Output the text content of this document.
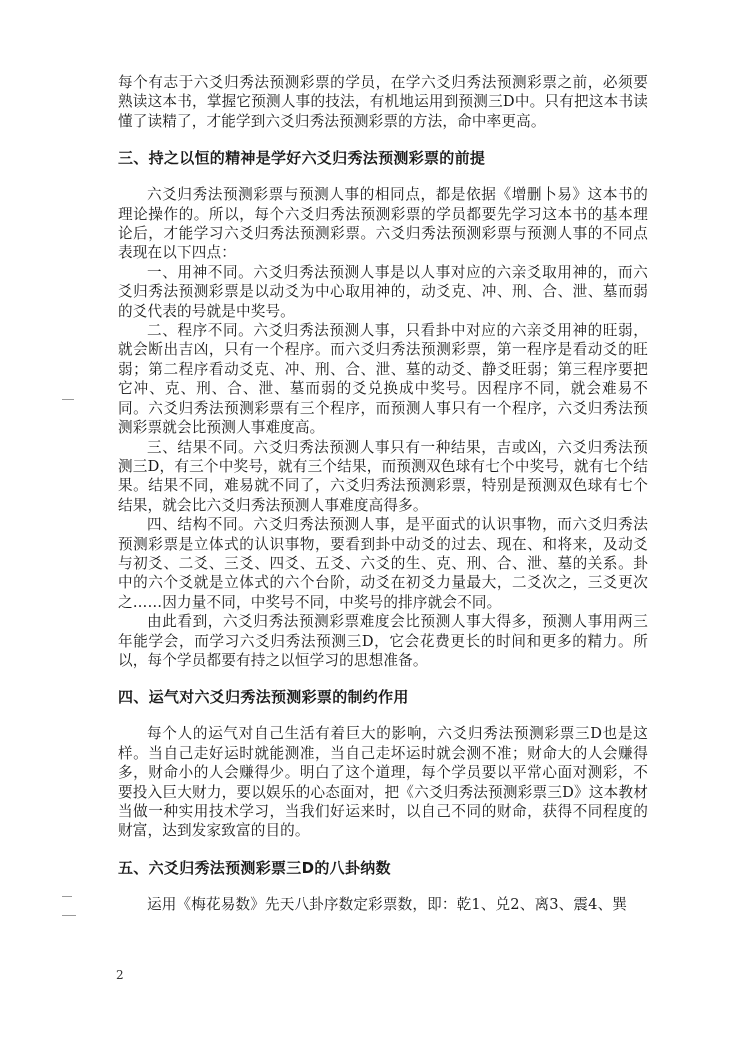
每个有志于六爻归秀法预测彩票的学员，在学六爻归秀法预测彩票之前，必须要熟读这本书，掌握它预测人事的技法，有机地运用到预测三D中。只有把这本书读懂了读精了，才能学到六爻归秀法预测彩票的方法，命中率更高。

三、持之以恒的精神是学好六爻归秀法预测彩票的前提

六爻归秀法预测彩票与预测人事的相同点，都是依据《增删卜易》这本书的理论操作的。所以，每个六爻归秀法预测彩票的学员都要先学习这本书的基本理论后，才能学习六爻归秀法预测彩票。六爻归秀法预测彩票与预测人事的不同点表现在以下四点：

一、用神不同。六爻归秀法预测人事是以人事对应的六亲爻取用神的，而六爻归秀法预测彩票是以动爻为中心取用神的，动爻克、冲、刑、合、泄、墓而弱的爻代表的号就是中奖号。

二、程序不同。六爻归秀法预测人事，只看卦中对应的六亲爻用神的旺弱，就会断出吉凶，只有一个程序。而六爻归秀法预测彩票，第一程序是看动爻的旺弱；第二程序看动爻克、冲、刑、合、泄、墓的动爻、静爻旺弱；第三程序要把它冲、克、刑、合、泄、墓而弱的爻兑换成中奖号。因程序不同，就会难易不同。六爻归秀法预测彩票有三个程序，而预测人事只有一个程序，六爻归秀法预测彩票就会比预测人事难度高。

三、结果不同。六爻归秀法预测人事只有一种结果，吉或凶，六爻归秀法预测三D，有三个中奖号，就有三个结果，而预测双色球有七个中奖号，就有七个结果。结果不同，难易就不同了，六爻归秀法预测彩票，特别是预测双色球有七个结果，就会比六爻归秀法预测人事难度高得多。

四、结构不同。六爻归秀法预测人事，是平面式的认识事物，而六爻归秀法预测彩票是立体式的认识事物，要看到卦中动爻的过去、现在、和将来，及动爻与初爻、二爻、三爻、四爻、五爻、六爻的生、克、刑、合、泄、墓的关系。卦中的六个爻就是立体式的六个台阶，动爻在初爻力量最大，二爻次之，三爻更次之……因力量不同，中奖号不同，中奖号的排序就会不同。

由此看到，六爻归秀法预测彩票难度会比预测人事大得多，预测人事用两三年能学会，而学习六爻归秀法预测三D，它会花费更长的时间和更多的精力。所以，每个学员都要有持之以恒学习的思想准备。

四、运气对六爻归秀法预测彩票的制约作用

每个人的运气对自己生活有着巨大的影响，六爻归秀法预测彩票三D也是这样。当自己走好运时就能测准，当自己走坏运时就会测不准；财命大的人会赚得多，财命小的人会赚得少。明白了这个道理，每个学员要以平常心面对测彩，不要投入巨大财力，要以娱乐的心态面对，把《六爻归秀法预测彩票三D》这本教材当做一种实用技术学习，当我们好运来时，以自己不同的财命，获得不同程度的财富，达到发家致富的目的。

五、六爻归秀法预测彩票三D的八卦纳数

运用《梅花易数》先天八卦序数定彩票数，即：乾1、兑2、离3、震4、巽

2
